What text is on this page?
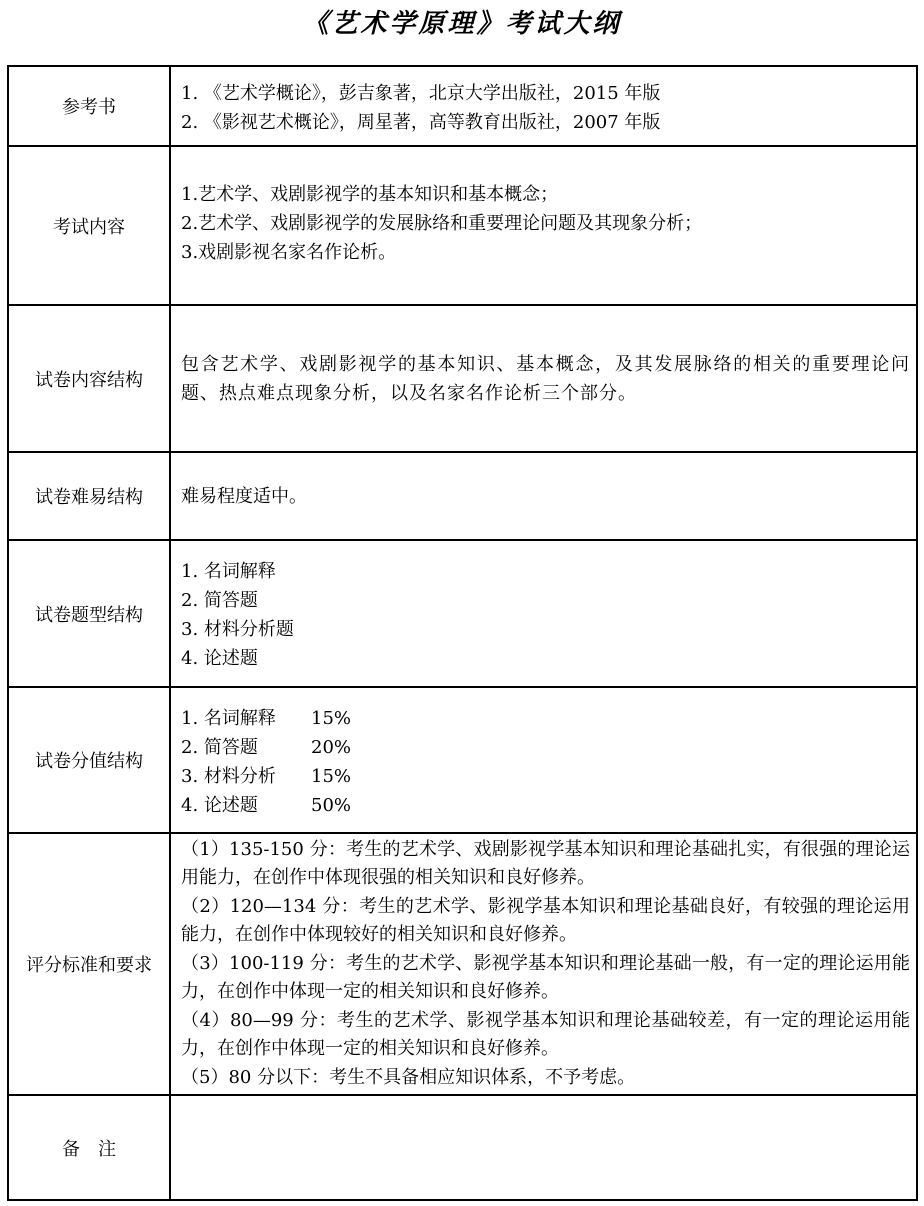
《艺术学原理》考试大纲
参考书	1. 《艺术学概论》，彭吉象著，北京大学出版社，2015 年版
2. 《影视艺术概论》，周星著，高等教育出版社，2007 年版

考试内容	1.艺术学、戏剧影视学的基本知识和基本概念；
2.艺术学、戏剧影视学的发展脉络和重要理论问题及其现象分析；
3.戏剧影视名家名作论析。

试卷内容结构	包含艺术学、戏剧影视学的基本知识、基本概念，及其发展脉络的相关的重要理论问题、热点难点现象分析，以及名家名作论析三个部分。

试卷难易结构	难易程度适中。

试卷题型结构	1. 名词解释
2. 简答题
3. 材料分析题
4. 论述题

试卷分值结构	1. 名词解释 15%
2. 简答题 20%
3. 材料分析 15%
4. 论述题 50%

评分标准和要求	（1）135-150 分：考生的艺术学、戏剧影视学基本知识和理论基础扎实，有很强的理论运用能力，在创作中体现很强的相关知识和良好修养。
（2）120—134 分：考生的艺术学、影视学基本知识和理论基础良好，有较强的理论运用能力，在创作中体现较好的相关知识和良好修养。
（3）100-119 分：考生的艺术学、影视学基本知识和理论基础一般，有一定的理论运用能力，在创作中体现一定的相关知识和良好修养。
（4）80—99 分：考生的艺术学、影视学基本知识和理论基础较差，有一定的理论运用能力，在创作中体现一定的相关知识和良好修养。
（5）80 分以下：考生不具备相应知识体系，不予考虑。

备　注	
